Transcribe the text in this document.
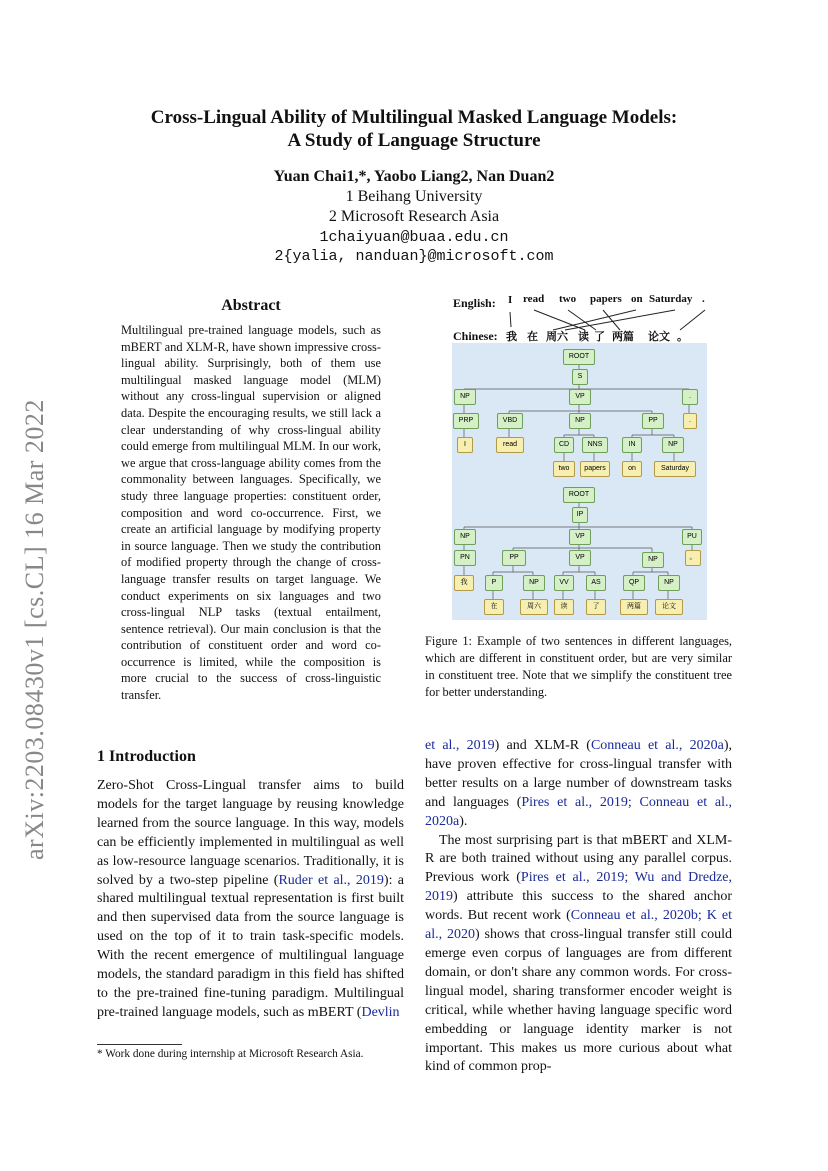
arXiv:2203.08430v1 [cs.CL] 16 Mar 2022
Cross-Lingual Ability of Multilingual Masked Language Models:
A Study of Language Structure
Yuan Chai1,*, Yaobo Liang2, Nan Duan2
1 Beihang University
2 Microsoft Research Asia
1chaiyuan@buaa.edu.cn
2{yalia, nanduan}@microsoft.com
Abstract
Multilingual pre-trained language models, such as mBERT and XLM-R, have shown impressive cross-lingual ability. Surprisingly, both of them use multilingual masked language model (MLM) without any cross-lingual supervision or aligned data. Despite the encouraging results, we still lack a clear understanding of why cross-lingual ability could emerge from multilingual MLM. In our work, we argue that cross-language ability comes from the commonality between languages. Specifically, we study three language properties: constituent order, composition and word co-occurrence. First, we create an artificial language by modifying property in source language. Then we study the contribution of modified property through the change of cross-language transfer results on target language. We conduct experiments on six languages and two cross-lingual NLP tasks (textual entailment, sentence retrieval). Our main conclusion is that the contribution of constituent order and word co-occurrence is limited, while the composition is more crucial to the success of cross-linguistic transfer.
1 Introduction
Zero-Shot Cross-Lingual transfer aims to build models for the target language by reusing knowledge learned from the source language. In this way, models can be efficiently implemented in multilingual as well as low-resource language scenarios. Traditionally, it is solved by a two-step pipeline (Ruder et al., 2019): a shared multilingual textual representation is first built and then supervised data from the source language is used on the top of it to train task-specific models. With the recent emergence of multilingual language models, the standard paradigm in this field has shifted to the pre-trained fine-tuning paradigm. Multilingual pre-trained language models, such as mBERT (Devlin
* Work done during internship at Microsoft Research Asia.
et al., 2019) and XLM-R (Conneau et al., 2020a), have proven effective for cross-lingual transfer with better results on a large number of downstream tasks and languages (Pires et al., 2019; Conneau et al., 2020a).
The most surprising part is that mBERT and XLM-R are both trained without using any parallel corpus. Previous work (Pires et al., 2019; Wu and Dredze, 2019) attribute this success to the shared anchor words. But recent work (Conneau et al., 2020b; K et al., 2020) shows that cross-lingual transfer still could emerge even corpus of languages are from different domain, or don't share any common words. For cross-lingual model, sharing transformer encoder weight is critical, while whether having language specific word embedding or language identity marker is not important. This makes us more curious about what kind of common prop-
English: I read two papers on Saturday .
Chinese: 我 在 周六 读 了 两篇 论文 。
ROOT
S
NP	VP	.
PRP	VBD	NP	PP	.
I	read	CD	NNS	IN	NP
two	papers	on	Saturday
ROOT
IP
NP	VP	PU
PN	PP	VP	NP	。
我	P	NP	VV	AS	QP	NP
在	周六	读	了	两篇	论文
Figure 1: Example of two sentences in different languages, which are different in constituent order, but are very similar in constituent tree. Note that we simplify the constituent tree for better understanding.
